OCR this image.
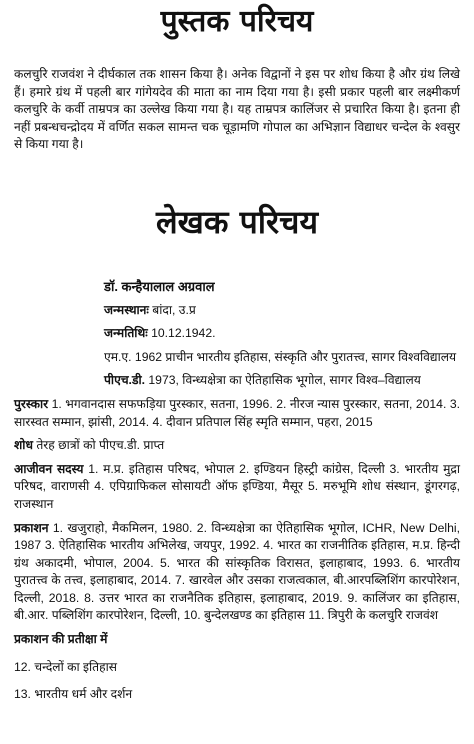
पुस्तक परिचय

कलचुरि राजवंश ने दीर्घकाल तक शासन किया है। अनेक विद्वानों ने इस पर शोध किया है और ग्रंथ लिखे हैं। हमारे ग्रंथ में पहली बार गांगेयदेव की माता का नाम दिया गया है। इसी प्रकार पहली बार लक्ष्मीकर्ण कलचुरि के कर्वी ताम्रपत्र का उल्लेख किया गया है। यह ताम्रपत्र कालिंजर से प्रचारित किया है। इतना ही नहीं प्रबन्धचन्द्रोदय में वर्णित सकल सामन्त चक चूड़ामणि गोपाल का अभिज्ञान विद्याधर चन्देल के श्वसुर से किया गया है।

लेखक परिचय

डॉ. कन्हैयालाल अग्रवाल

जन्मस्थानः बांदा, उ.प्र

जन्मतिथिः 10.12.1942.

एम.ए. 1962 प्राचीन भारतीय इतिहास, संस्कृति और पुरातत्त्व, सागर विश्वविद्यालय

पीएच.डी. 1973, विन्ध्यक्षेत्रा का ऐतिहासिक भूगोल, सागर विश्व–विद्यालय

पुरस्कार 1. भगवानदास सफफड़िया पुरस्कार, सतना, 1996. 2. नीरज न्यास पुरस्कार, सतना, 2014. 3. सारस्वत सम्मान, झांसी, 2014. 4. दीवान प्रतिपाल सिंह स्मृति सम्मान, पहरा, 2015

शोध तेरह छात्रों को पीएच.डी. प्राप्त

आजीवन सदस्य 1. म.प्र. इतिहास परिषद, भोपाल 2. इण्डियन हिस्ट्री कांग्रेस, दिल्ली 3. भारतीय मुद्रा परिषद, वाराणसी 4. एपिग्राफिकल सोसायटी ऑफ इण्डिया, मैसूर 5. मरुभूमि शोध संस्थान, डूंगरगढ़, राजस्थान

प्रकाशन 1. खजुराहो, मैकमिलन, 1980. 2. विन्ध्यक्षेत्रा का ऐतिहासिक भूगोल, ICHR, New Delhi, 1987 3. ऐतिहासिक भारतीय अभिलेख, जयपुर, 1992. 4. भारत का राजनीतिक इतिहास, म.प्र. हिन्दी ग्रंथ अकादमी, भोपाल, 2004. 5. भारत की सांस्कृतिक विरासत, इलाहाबाद, 1993. 6. भारतीय पुरातत्त्व के तत्त्व, इलाहाबाद, 2014. 7. खारवेल और उसका राजत्वकाल, बी.आरपब्लिशिंग कारपोरेशन, दिल्ली, 2018. 8. उत्तर भारत का राजनैतिक इतिहास, इलाहाबाद, 2019. 9. कालिंजर का इतिहास, बी.आर. पब्लिशिंग कारपोरेशन, दिल्ली, 10. बुन्देलखण्ड का इतिहास 11. त्रिपुरी के कलचुरि राजवंश

प्रकाशन की प्रतीक्षा में

12. चन्देलों का इतिहास

13. भारतीय धर्म और दर्शन
